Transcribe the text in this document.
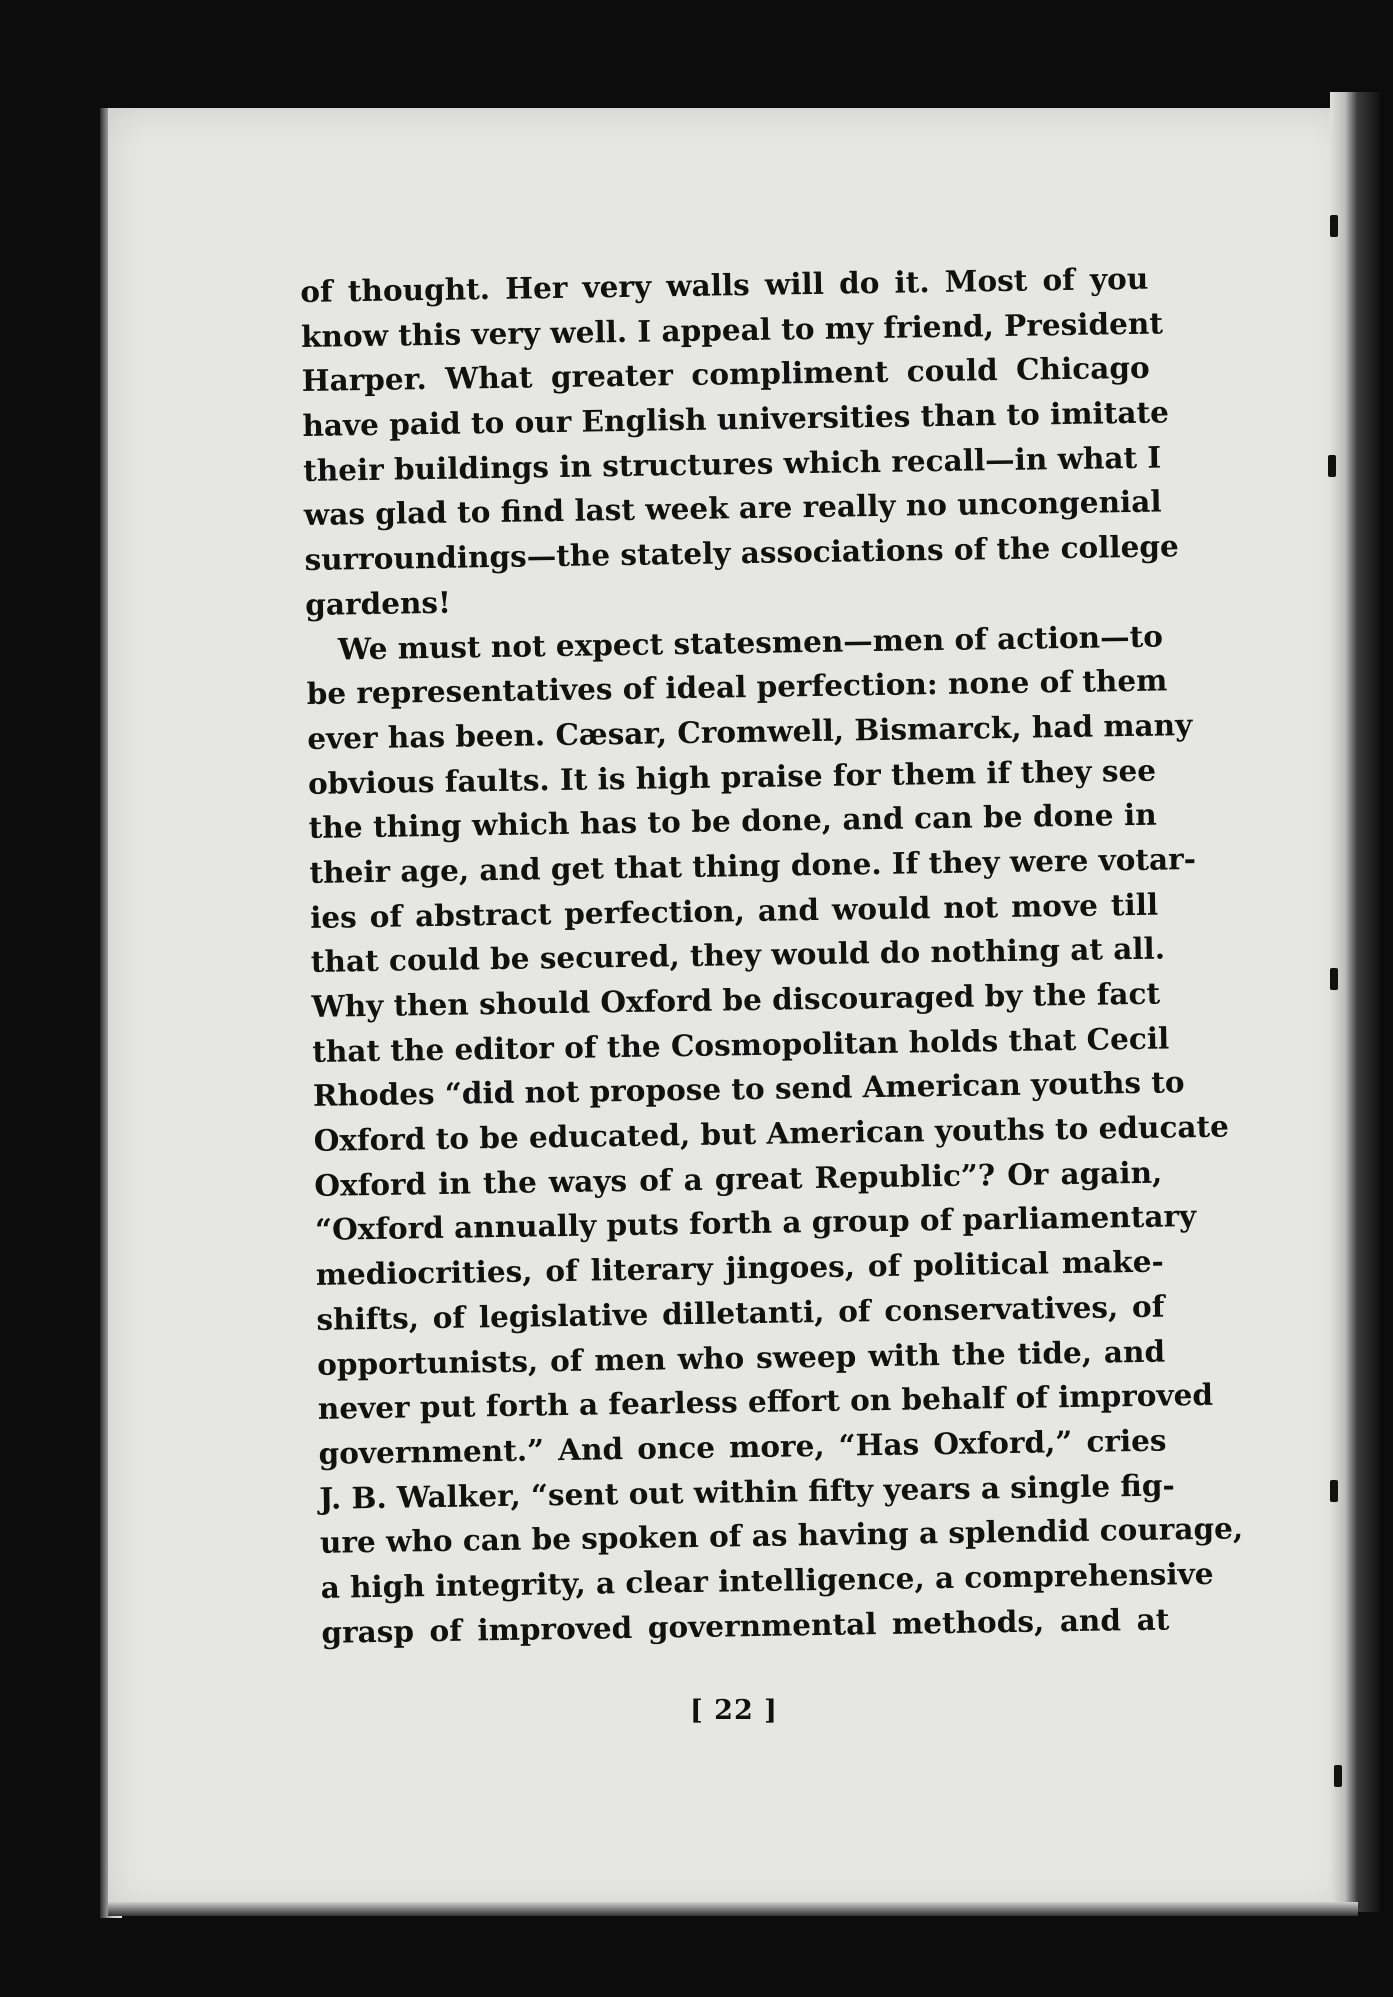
of thought. Her very walls will do it. Most of you
know this very well. I appeal to my friend, President
Harper. What greater compliment could Chicago
have paid to our English universities than to imitate
their buildings in structures which recall—in what I
was glad to find last week are really no uncongenial
surroundings—the stately associations of the college
gardens!
We must not expect statesmen—men of action—to
be representatives of ideal perfection: none of them
ever has been. Cæsar, Cromwell, Bismarck, had many
obvious faults. It is high praise for them if they see
the thing which has to be done, and can be done in
their age, and get that thing done. If they were votar-
ies of abstract perfection, and would not move till
that could be secured, they would do nothing at all.
Why then should Oxford be discouraged by the fact
that the editor of the Cosmopolitan holds that Cecil
Rhodes “did not propose to send American youths to
Oxford to be educated, but American youths to educate
Oxford in the ways of a great Republic”? Or again,
“Oxford annually puts forth a group of parliamentary
mediocrities, of literary jingoes, of political make-
shifts, of legislative dilletanti, of conservatives, of
opportunists, of men who sweep with the tide, and
never put forth a fearless effort on behalf of improved
government.” And once more, “Has Oxford,” cries
J. B. Walker, “sent out within fifty years a single fig-
ure who can be spoken of as having a splendid courage,
a high integrity, a clear intelligence, a comprehensive
grasp of improved governmental methods, and at
[ 22 ]
